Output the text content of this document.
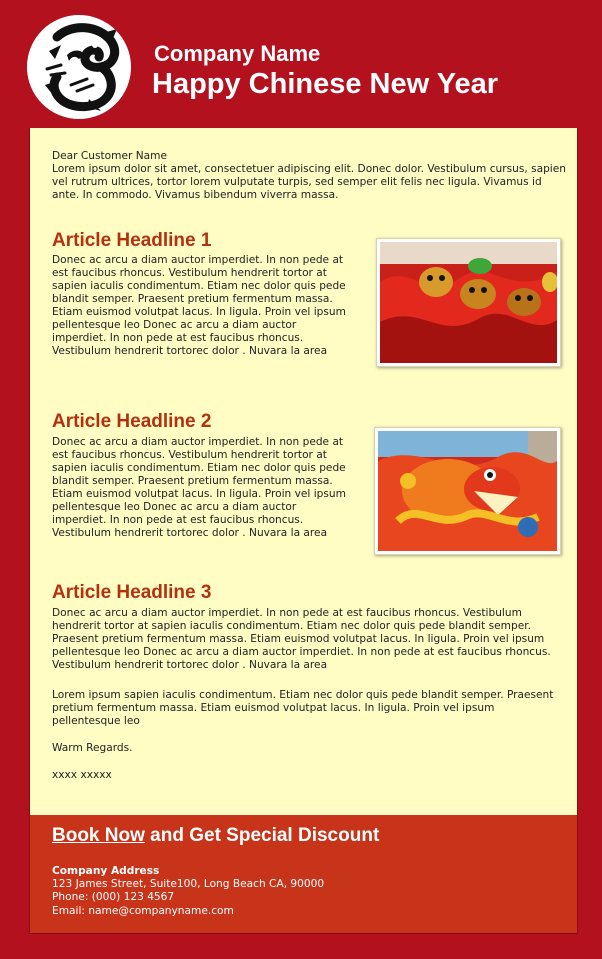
Company Name
Happy Chinese New Year

Dear Customer Name

Lorem ipsum dolor sit amet, consectetuer adipiscing elit. Donec dolor. Vestibulum cursus, sapien vel rutrum ultrices, tortor lorem vulputate turpis, sed semper elit felis nec ligula. Vivamus id ante. In commodo. Vivamus bibendum viverra massa.

Article Headline 1

Donec ac arcu a diam auctor imperdiet. In non pede at est faucibus rhoncus. Vestibulum hendrerit tortor at sapien iaculis condimentum. Etiam nec dolor quis pede blandit semper. Praesent pretium fermentum massa. Etiam euismod volutpat lacus. In ligula. Proin vel ipsum pellentesque leo Donec ac arcu a diam auctor imperdiet. In non pede at est faucibus rhoncus. Vestibulum hendrerit tortorec dolor . Nuvara la area

Article Headline 2

Donec ac arcu a diam auctor imperdiet. In non pede at est faucibus rhoncus. Vestibulum hendrerit tortor at sapien iaculis condimentum. Etiam nec dolor quis pede blandit semper. Praesent pretium fermentum massa. Etiam euismod volutpat lacus. In ligula. Proin vel ipsum pellentesque leo Donec ac arcu a diam auctor imperdiet. In non pede at est faucibus rhoncus. Vestibulum hendrerit tortorec dolor . Nuvara la area

Article Headline 3

Donec ac arcu a diam auctor imperdiet. In non pede at est faucibus rhoncus. Vestibulum hendrerit tortor at sapien iaculis condimentum. Etiam nec dolor quis pede blandit semper. Praesent pretium fermentum massa. Etiam euismod volutpat lacus. In ligula. Proin vel ipsum pellentesque leo Donec ac arcu a diam auctor imperdiet. In non pede at est faucibus rhoncus. Vestibulum hendrerit tortorec dolor . Nuvara la area

Lorem ipsum sapien iaculis condimentum. Etiam nec dolor quis pede blandit semper. Praesent pretium fermentum massa. Etiam euismod volutpat lacus. In ligula. Proin vel ipsum pellentesque leo

Warm Regards.

xxxx xxxxx

Book Now and Get Special Discount

Company Address

123 James Street, Suite100, Long Beach CA, 90000

Phone: (000) 123 4567

Email: name@companyname.com
